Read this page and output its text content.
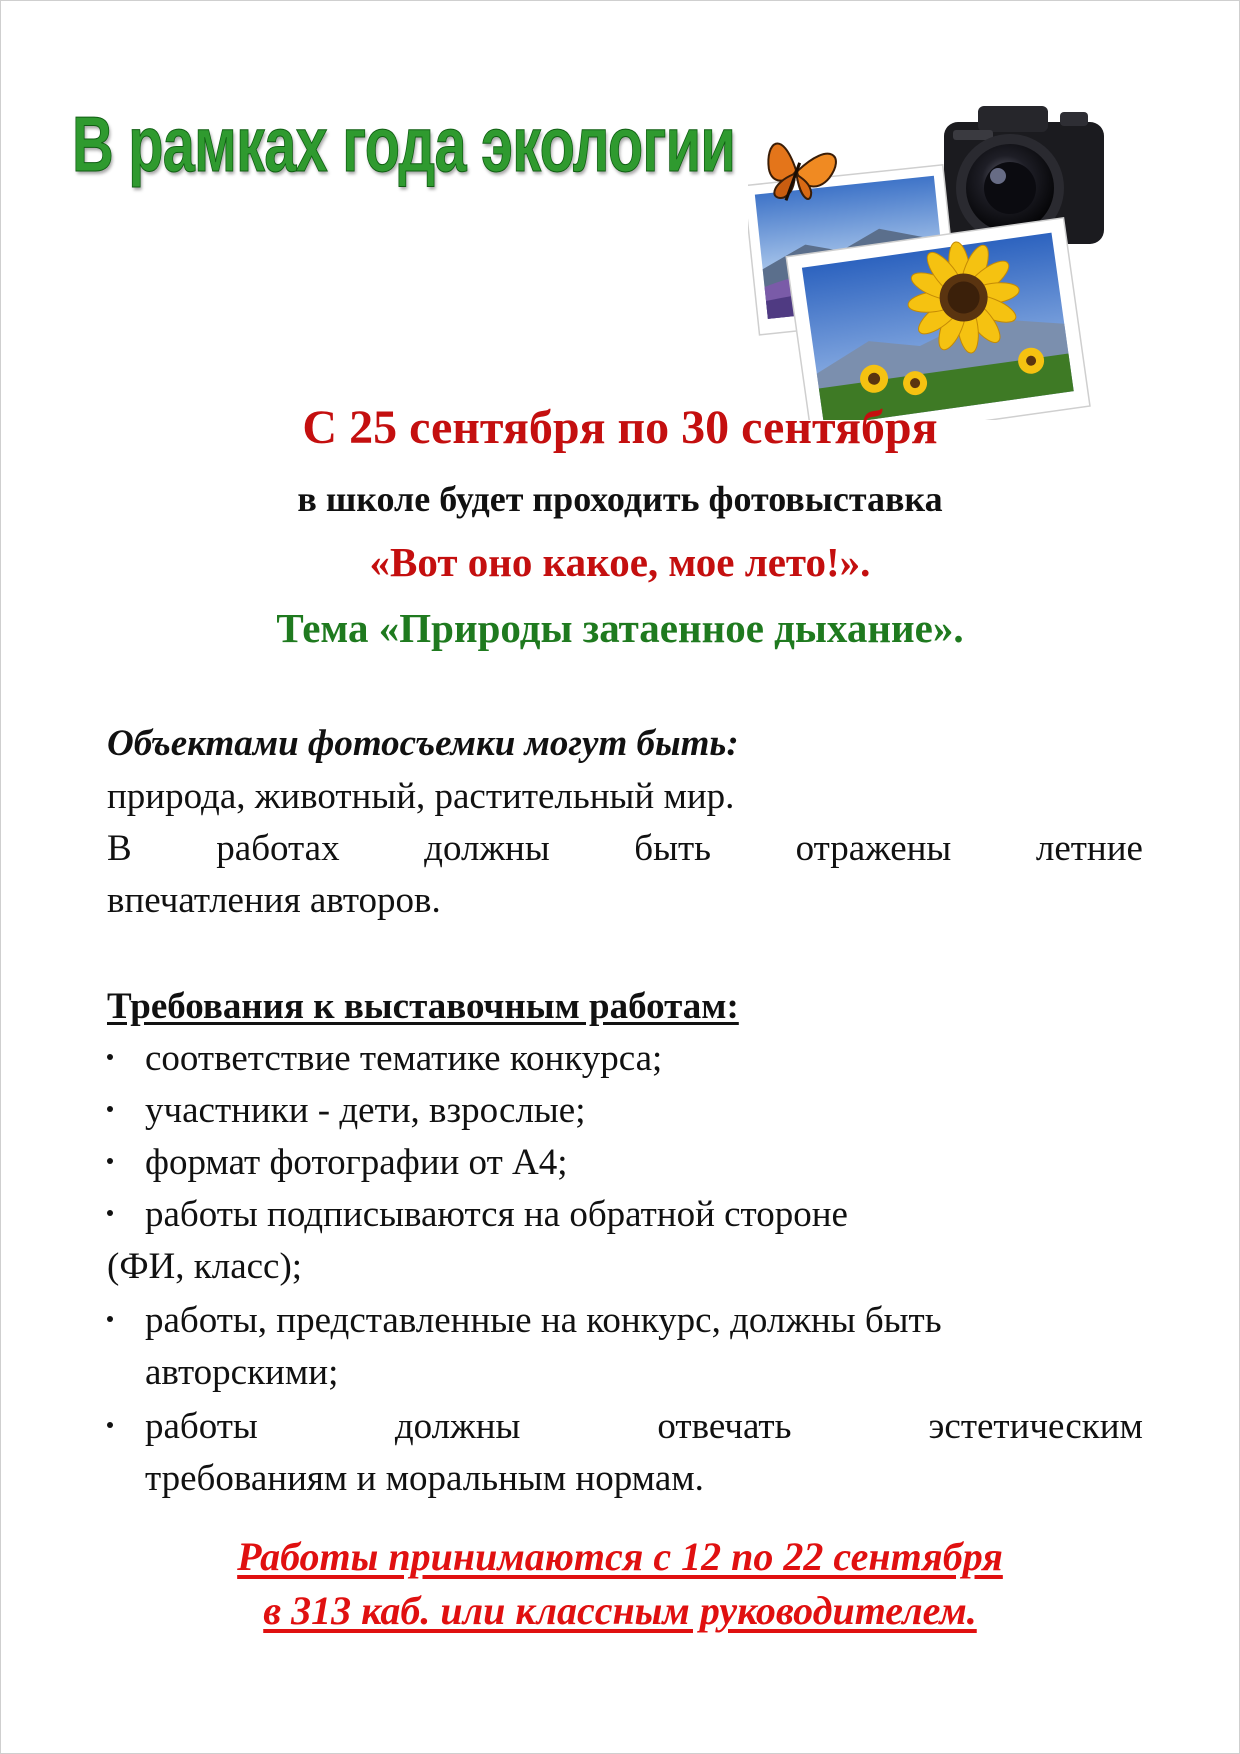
В рамках года экологии

С 25 сентября по 30 сентября

в школе будет проходить фотовыставка

«Вот оно какое, мое лето!».

Тема «Природы затаенное дыхание».

Объектами фотосъемки могут быть:

природа, животный, растительный мир.

В работах должны быть отражены летние

впечатления авторов.

Требования к выставочным работам:

соответствие тематике конкурса;
участники - дети, взрослые;
формат фотографии от А4;
работы подписываются на обратной стороне

(ФИ, класс);

работы, представленные на конкурс, должны быть

авторскими;

работы	должны	отвечать	эстетическим

требованиям и моральным нормам.

Работы принимаются с 12 по 22 сентября

в 313 каб. или классным руководителем.
